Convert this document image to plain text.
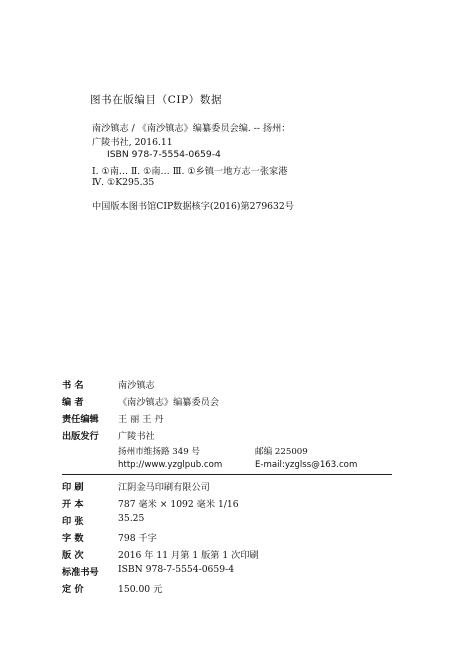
图书在版编目（CIP）数据
南沙镇志 / 《南沙镇志》编纂委员会编. -- 扬州：
广陵书社, 2016.11
ISBN 978-7-5554-0659-4
Ⅰ. ①南… Ⅱ. ①南… Ⅲ. ①乡镇一地方志一张家港
Ⅳ. ①K295.35
中国版本图书馆CIP数据核字(2016)第279632号
书 名	南沙镇志
编 者	《南沙镇志》编纂委员会
责任编辑 王 丽 王 丹
出版发行 广陵书社
扬州市维扬路 349 号	邮编 225009
http://www.yzglpub.com	E-mail:yzglss@163.com
印 刷	江阴金马印刷有限公司
开 本	787 毫米 × 1092 毫米 1/16
印 张	35.25
字 数	798 千字
版 次	2016 年 11 月第 1 版第 1 次印刷
标准书号 ISBN 978-7-5554-0659-4
定 价	150.00 元
